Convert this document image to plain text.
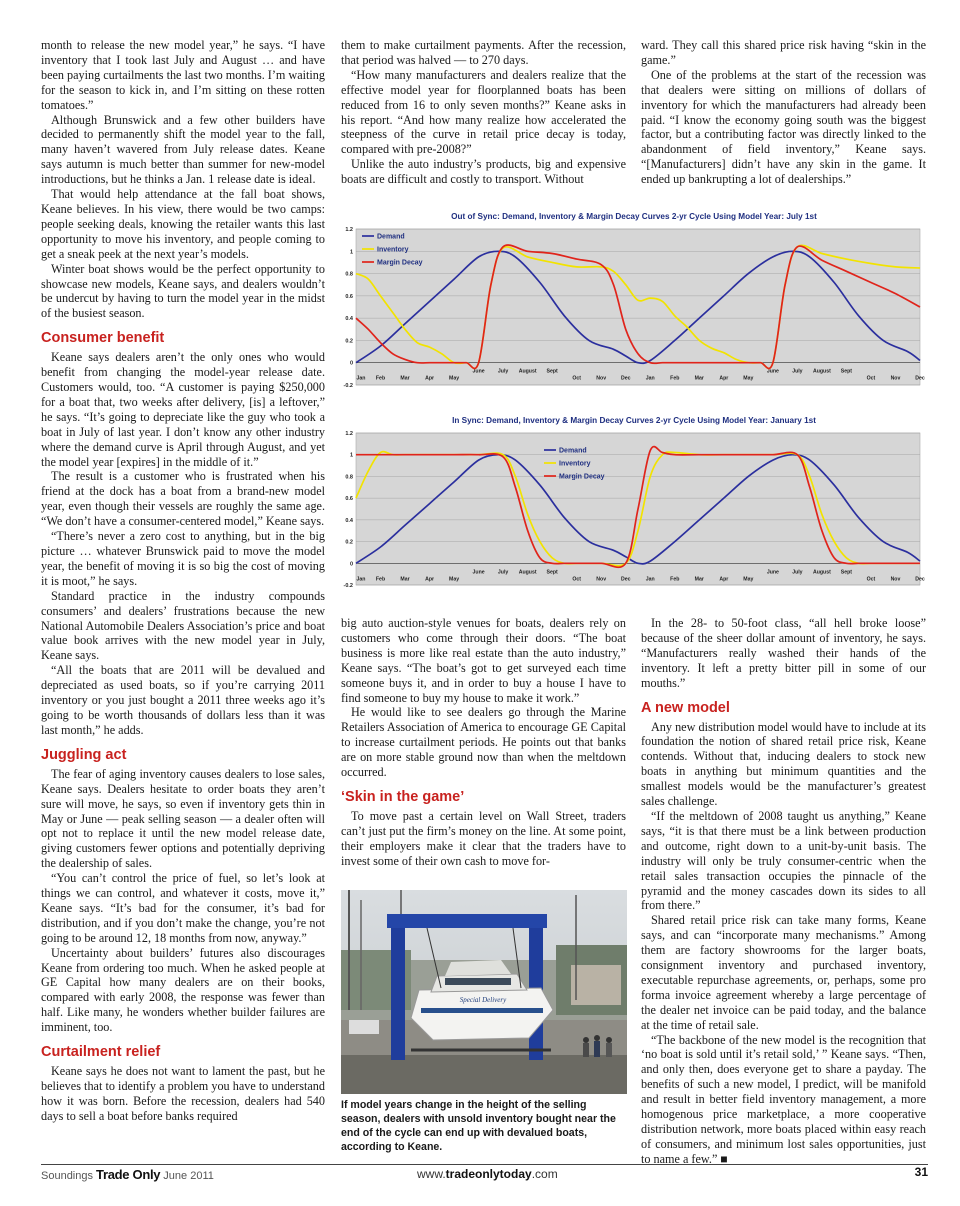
month to release the new model year,” he says. “I have inventory that I took last July and August … and have been paying curtailments the last two months. I’m waiting for the season to kick in, and I’m sitting on these rotten tomatoes.”

Although Brunswick and a few other builders have decided to permanently shift the model year to the fall, many haven’t wavered from July release dates. Keane says autumn is much better than summer for new-model introductions, but he thinks a Jan. 1 release date is ideal.

That would help attendance at the fall boat shows, Keane believes. In his view, there would be two camps: people seeking deals, knowing the retailer wants this last opportunity to move his inventory, and people coming to get a sneak peek at the next year’s models.

Winter boat shows would be the perfect opportunity to showcase new models, Keane says, and dealers wouldn’t be undercut by having to turn the model year in the midst of the busiest season.

Consumer benefit

Keane says dealers aren’t the only ones who would benefit from changing the model-year release date. Customers would, too. “A customer is paying $250,000 for a boat that, two weeks after delivery, [is] a leftover,” he says. “It’s going to depreciate like the guy who took a boat in July of last year. I don’t know any other industry where the demand curve is April through August, and yet the model year [expires] in the middle of it.”

The result is a customer who is frustrated when his friend at the dock has a boat from a brand-new model year, even though their vessels are roughly the same age. “We don’t have a consumer-centered model,” Keane says.

“There’s never a zero cost to anything, but in the big picture … whatever Brunswick paid to move the model year, the benefit of moving it is so big the cost of moving it is moot,” he says.

Standard practice in the industry compounds consumers’ and dealers’ frustrations because the new National Automobile Dealers Association’s price and boat value book arrives with the new model year in July, Keane says.

“All the boats that are 2011 will be devalued and depreciated as used boats, so if you’re carrying 2011 inventory or you just bought a 2011 three weeks ago it’s going to be worth thousands of dollars less than it was last month,” he adds.

Juggling act

The fear of aging inventory causes dealers to lose sales, Keane says. Dealers hesitate to order boats they aren’t sure will move, he says, so even if inventory gets thin in May or June — peak selling season — a dealer often will opt not to replace it until the new model release date, giving customers fewer options and potentially depriving the dealership of sales.

“You can’t control the price of fuel, so let’s look at things we can control, and whatever it costs, move it,” Keane says. “It’s bad for the consumer, it’s bad for distribution, and if you don’t make the change, you’re not going to be around 12, 18 months from now, anyway.”

Uncertainty about builders’ futures also discourages Keane from ordering too much. When he asked people at GE Capital how many dealers are on their books, compared with early 2008, the response was fewer than half. Like many, he wonders whether builder failures are imminent, too.

Curtailment relief

Keane says he does not want to lament the past, but he believes that to identify a problem you have to understand how it was born. Before the recession, dealers had 540 days to sell a boat before banks required

them to make curtailment payments. After the recession, that period was halved — to 270 days.

“How many manufacturers and dealers realize that the effective model year for floorplanned boats has been reduced from 16 to only seven months?” Keane asks in his report. “And how many realize how accelerated the steepness of the curve in retail price decay is today, compared with pre-2008?”

Unlike the auto industry’s products, big and expensive boats are difficult and costly to transport. Without

ward. They call this shared price risk having “skin in the game.”

One of the problems at the start of the recession was that dealers were sitting on millions of dollars of inventory for which the manufacturers had already been paid. “I know the economy going south was the biggest factor, but a contributing factor was directly linked to the abandonment of field inventory,” Keane says. “[Manufacturers] didn’t have any skin in the game. It ended up bankrupting a lot of dealerships.”

1.2
1
0.8
0.6
0.4
0.2
0
-0.2
Out of Sync: Demand, Inventory & Margin Decay Curves 2-yr Cycle Using Model Year: July 1st
Jan Feb	Mar	Apr	May
June	July August Sept
Oct	Nov	Dec	Jan	Feb	Mar	Apr	May
June	July August Sept
Oct	Nov	Dec
Demand
Inventory
Margin Decay
1.2
1
0.8
0.6
0.4
0.2
0
-0.2
In Sync: Demand, Inventory & Margin Decay Curves 2-yr Cycle Using Model Year: January 1st
Jan Feb	Mar	Apr	May
June	July August Sept
Oct	Nov	Dec	Jan	Feb	Mar	Apr	May
June	July August Sept
Oct	Nov	Dec
Demand
Inventory
Margin Decay

big auto auction-style venues for boats, dealers rely on customers who come through their doors. “The boat business is more like real estate than the auto industry,” Keane says. “The boat’s got to get surveyed each time someone buys it, and in order to buy a house I have to find someone to buy my house to make it work.”

He would like to see dealers go through the Marine Retailers Association of America to encourage GE Capital to increase curtailment periods. He points out that banks are on more stable ground now than when the meltdown occurred.

‘Skin in the game’

To move past a certain level on Wall Street, traders can’t just put the firm’s money on the line. At some point, their employers make it clear that the traders have to invest some of their own cash to move for-

In the 28- to 50-foot class, “all hell broke loose” because of the sheer dollar amount of inventory, he says. “Manufacturers really washed their hands of the inventory. It left a pretty bitter pill in some of our mouths.”

A new model

Any new distribution model would have to include at its foundation the notion of shared retail price risk, Keane contends. Without that, inducing dealers to stock new boats in anything but minimum quantities and the smallest models would be the manufacturer’s greatest sales challenge.

“If the meltdown of 2008 taught us anything,” Keane says, “it is that there must be a link between production and outcome, right down to a unit-by-unit basis. The industry will only be truly consumer-centric when the retail sales transaction occupies the pinnacle of the pyramid and the money cascades down its sides to all from there.”

Shared retail price risk can take many forms, Keane says, and can “incorporate many mechanisms.” Among them are factory showrooms for the larger boats, consignment inventory and purchased inventory, executable repurchase agreements, or, perhaps, some pro forma invoice agreement whereby a large percentage of the dealer net invoice can be paid today, and the balance at the time of retail sale.

“The backbone of the new model is the recognition that ‘no boat is sold until it’s retail sold,’ ” Keane says. “Then, and only then, does everyone get to share a payday. The benefits of such a new model, I predict, will be manifold and result in better field inventory management, a more homogenous price marketplace, a more cooperative distribution network, more boats placed within easy reach of consumers, and minimum lost sales opportunities, just to name a few.” ■

Special Delivery
If model years change in the height of the selling season, dealers with unsold inventory bought near the end of the cycle can end up with devalued boats, according to Keane.
Soundings Trade Only June 2011	www.tradeonlytoday.com	31
